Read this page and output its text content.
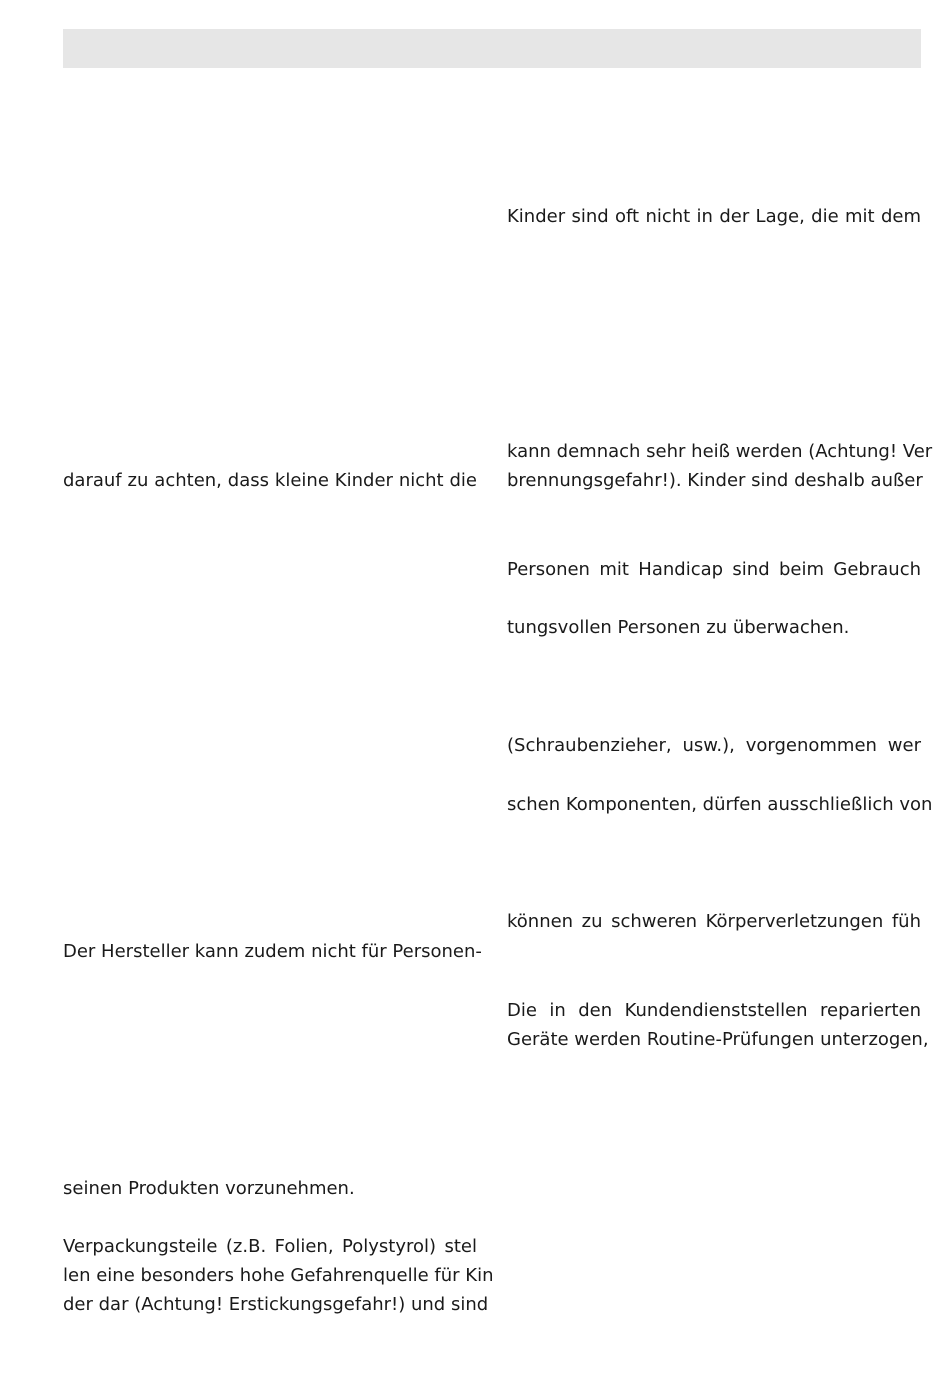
darauf zu achten, dass kleine Kinder nicht die
Der Hersteller kann zudem nicht für Personen-
seinen Produkten vorzunehmen.
Verpackungsteile (z.B. Folien, Polystyrol) stel
len eine besonders hohe Gefahrenquelle für Kin
der dar (Achtung! Erstickungsgefahr!) und sind
Kinder sind oft nicht in der Lage, die mit dem
kann demnach sehr heiß werden (Achtung! Ver
brennungsgefahr!). Kinder sind deshalb außer
Personen mit Handicap sind beim Gebrauch
tungsvollen Personen zu überwachen.
(Schraubenzieher, usw.), vorgenommen wer
schen Komponenten, dürfen ausschließlich von
können zu schweren Körperverletzungen füh
Die in den Kundendienststellen reparierten
Geräte werden Routine-Prüfungen unterzogen,
